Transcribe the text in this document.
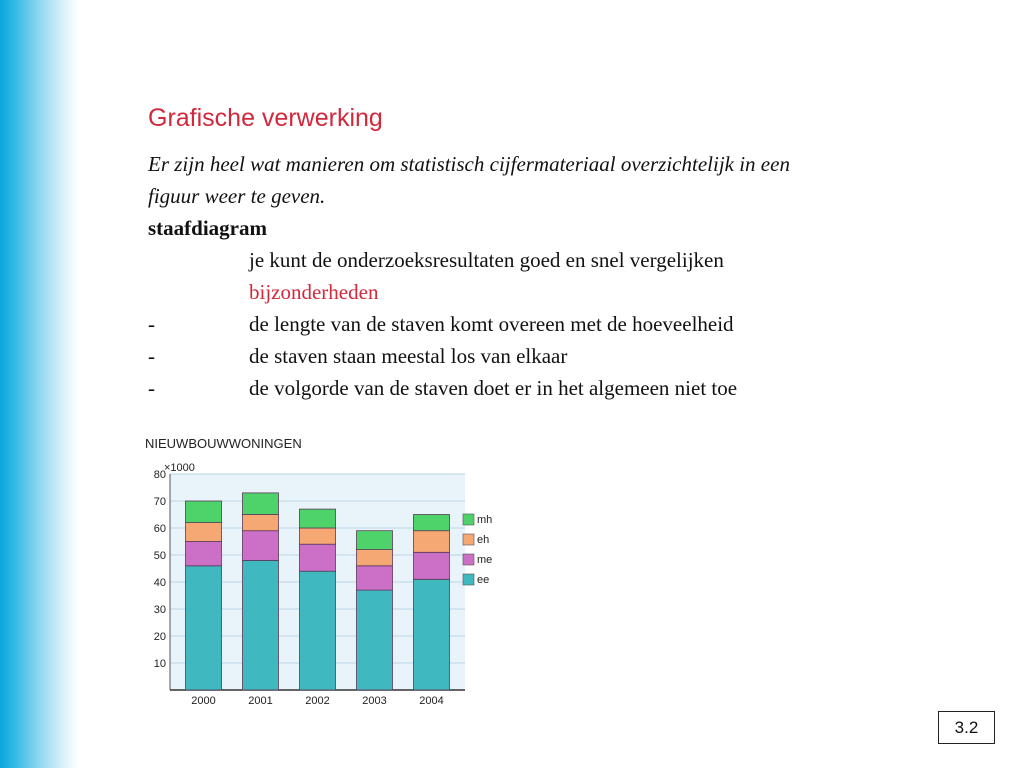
Grafische verwerking
Er zijn heel wat manieren om statistisch cijfermateriaal overzichtelijk in een
figuur weer te geven.
staafdiagram
je kunt de onderzoeksresultaten goed en snel vergelijken
bijzonderheden
-	de lengte van de staven komt overeen met de hoeveelheid
-	de staven staan meestal los van elkaar
-	de volgorde van de staven doet er in het algemeen niet toe
NIEUWBOUWWONINGEN
×1000
10
20
30
40
50
60
70
80
2000	2001	2002	2003	2004
mh
eh
me
ee
3.2
